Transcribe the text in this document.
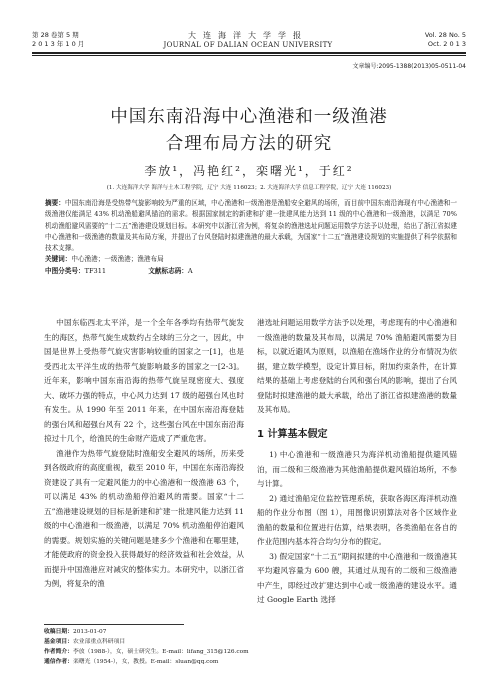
第 28 卷第 5 期
2 0 1 3 年 1 0 月
大连海洋大学学报
JOURNAL OF DALIAN OCEAN UNIVERSITY
Vol. 28 No. 5
Oct. 2 0 1 3
文章编号:2095-1388(2013)05-0511-04
中国东南沿海中心渔港和一级渔港
合理布局方法的研究
李放¹，冯艳红²，栾曙光¹，于红²
(1. 大连海洋大学 海洋与土木工程学院，辽宁 大连 116023；2. 大连海洋大学 信息工程学院，辽宁 大连 116023)
摘要：中国东南沿海是受热带气旋影响较为严重的区域，中心渔港和一级渔港是渔船安全避风的场所，而目前中国东南沿海现有中心渔港和一级渔港仅能满足 43% 机动渔船避风锚泊的需求。根据国家制定的新建和扩建一批建风能力达到 11 级的中心渔港和一级渔港，以满足 70% 机动渔船避风需要的“十二五”渔港建设规划目标。本研究中以浙江省为例，将复杂的渔港选址问题运用数学方法予以处理，给出了浙江省拟建中心渔港和一级渔港的数量及其布局方案，并提出了台风登陆时拟建渔港的最大承载，为国家“十二五”渔港建设规划的实施提供了科学依据和技术支撑。
关键词：中心渔港；一级渔港；渔港布局
中图分类号：TF311	文献标志码：A

中国东临西北太平洋，是一个全年各季均有热带气旋发生的海区，热带气旋生成数约占全球的三分之一，因此，中国是世界上受热带气旋灾害影响较重的国家之一[1]，也是受西北太平洋生成的热带气旋影响最多的国家之一[2-3]。近年来，影响中国东南沿海的热带气旋呈现密度大、强度大、破坏力强的特点，中心风力达到 17 级的超强台风也时有发生。从 1990 年至 2011 年来，在中国东南沿海登陆的强台风和超强台风有 22 个，这些强台风在中国东南沿海掠过十几个，给渔民的生命财产造成了严重危害。

渔港作为热带气旋登陆时渔船安全避风的场所，历来受到各级政府的高度重视，截至 2010 年，中国在东南沿海投资建设了具有一定避风能力的中心渔港和一级渔港 63 个，可以满足 43% 的机动渔船停泊避风的需要。国家“十二五”渔港建设规划的目标是新建和扩建一批建风能力达到 11 级的中心渔港和一级渔港，以满足 70% 机动渔船停泊避风的需要。规划实施的关键问题是建多少个渔港和在哪里建，才能使政府的资金投入获得最好的经济效益和社会效益，从而提升中国渔港应对减灾的整体实力。本研究中，以浙江省为例，将复杂的渔

港选址问题运用数学方法予以处理，考虑现有的中心渔港和一级渔港的数量及其布局，以满足 70% 渔船避风需要为目标，以就近避风为原则，以渔船在渔场作业的分布情况为依据，建立数学模型，设定计算目标，附加约束条件，在计算结果的基础上考虑登陆的台风和强台风的影响，提出了台风登陆时拟建渔港的最大承载，给出了浙江省拟建渔港的数量及其布局。

1 计算基本假定

1) 中心渔港和一级渔港只为海洋机动渔船提供避风锚泊，而二级和三级渔港为其他渔船提供避风锚泊场所，不参与计算。

2) 通过渔船定位监控管理系统，获取各海区海洋机动渔船的作业分布图（图 1），用图像识别算法对各个区域作业渔船的数量和位置进行估算，结果表明，各类渔船在各自的作业范围内基本符合均匀分布的假定。

3) 假定国家“十二五”期间拟建的中心渔港和一级渔港其平均避风容量为 600 艘，其通过从现有的二级和三级渔港中产生，即经过改扩建达到中心或一级渔港的建设水平。通过 Google Earth 选择

收稿日期：2013-01-07
基金项目：农业部重点科研项目
作者简介：李放（1988-），女，硕士研究生。E-mail：lifang_315@126.com
通信作者：栾曙光（1954-），女，教授。E-mail：sluan@qq.com
